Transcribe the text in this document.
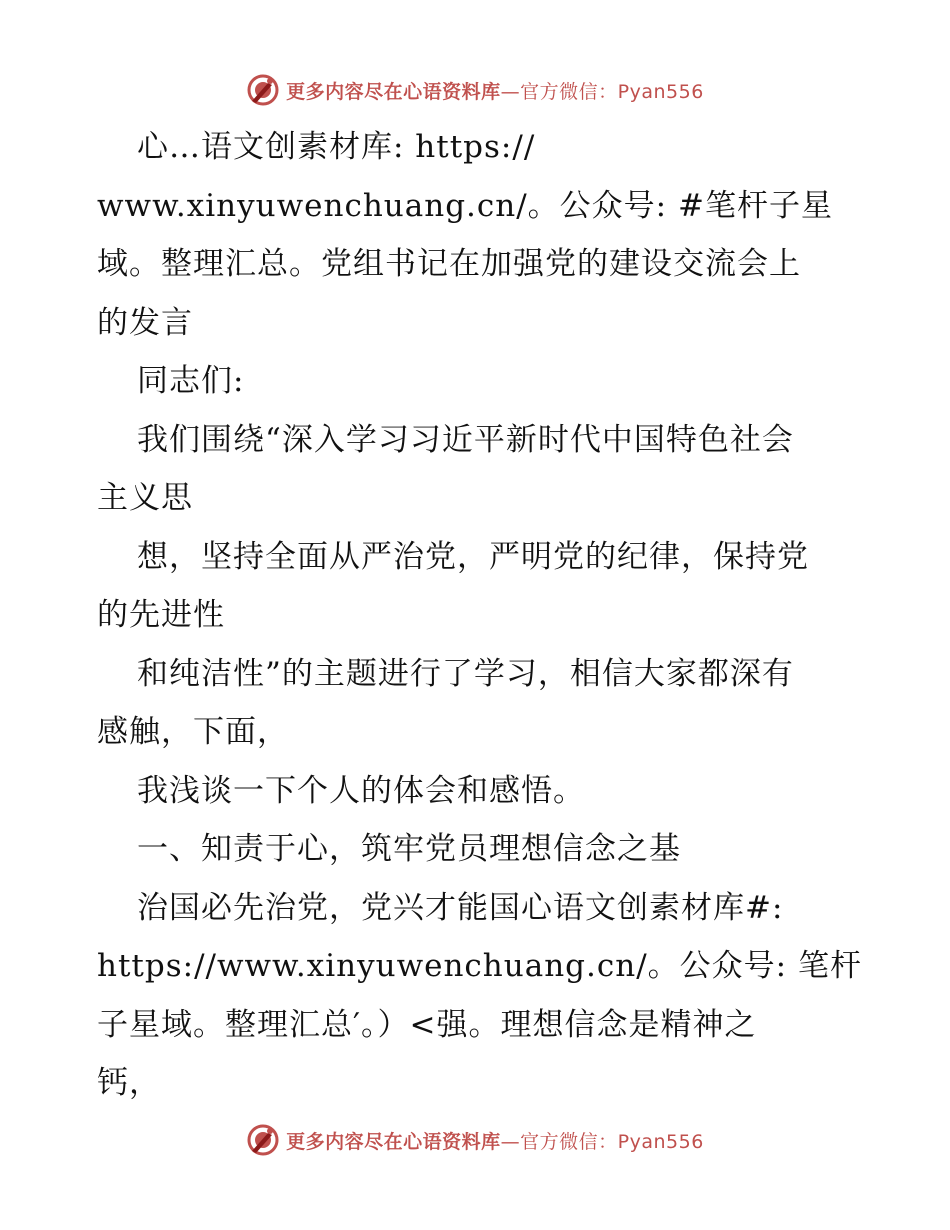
更多内容尽在心语资料库—官方微信：Pyan556
心…语文创素材库: https://
www.xinyuwenchuang.cn/。公众号: #笔杆子星
域。整理汇总。党组书记在加强党的建设交流会上
的发言
同志们:
我们围绕“深入学习习近平新时代中国特色社会
主义思
想，坚持全面从严治党，严明党的纪律，保持党
的先进性
和纯洁性”的主题进行了学习，相信大家都深有
感触，下面，
我浅谈一下个人的体会和感悟。
一、知责于心，筑牢党员理想信念之基
治国必先治党，党兴才能国心语文创素材库#:
https://www.xinyuwenchuang.cn/。公众号: 笔杆
子星域。整理汇总′。）<强。理想信念是精神之
钙，
更多内容尽在心语资料库—官方微信：Pyan556
